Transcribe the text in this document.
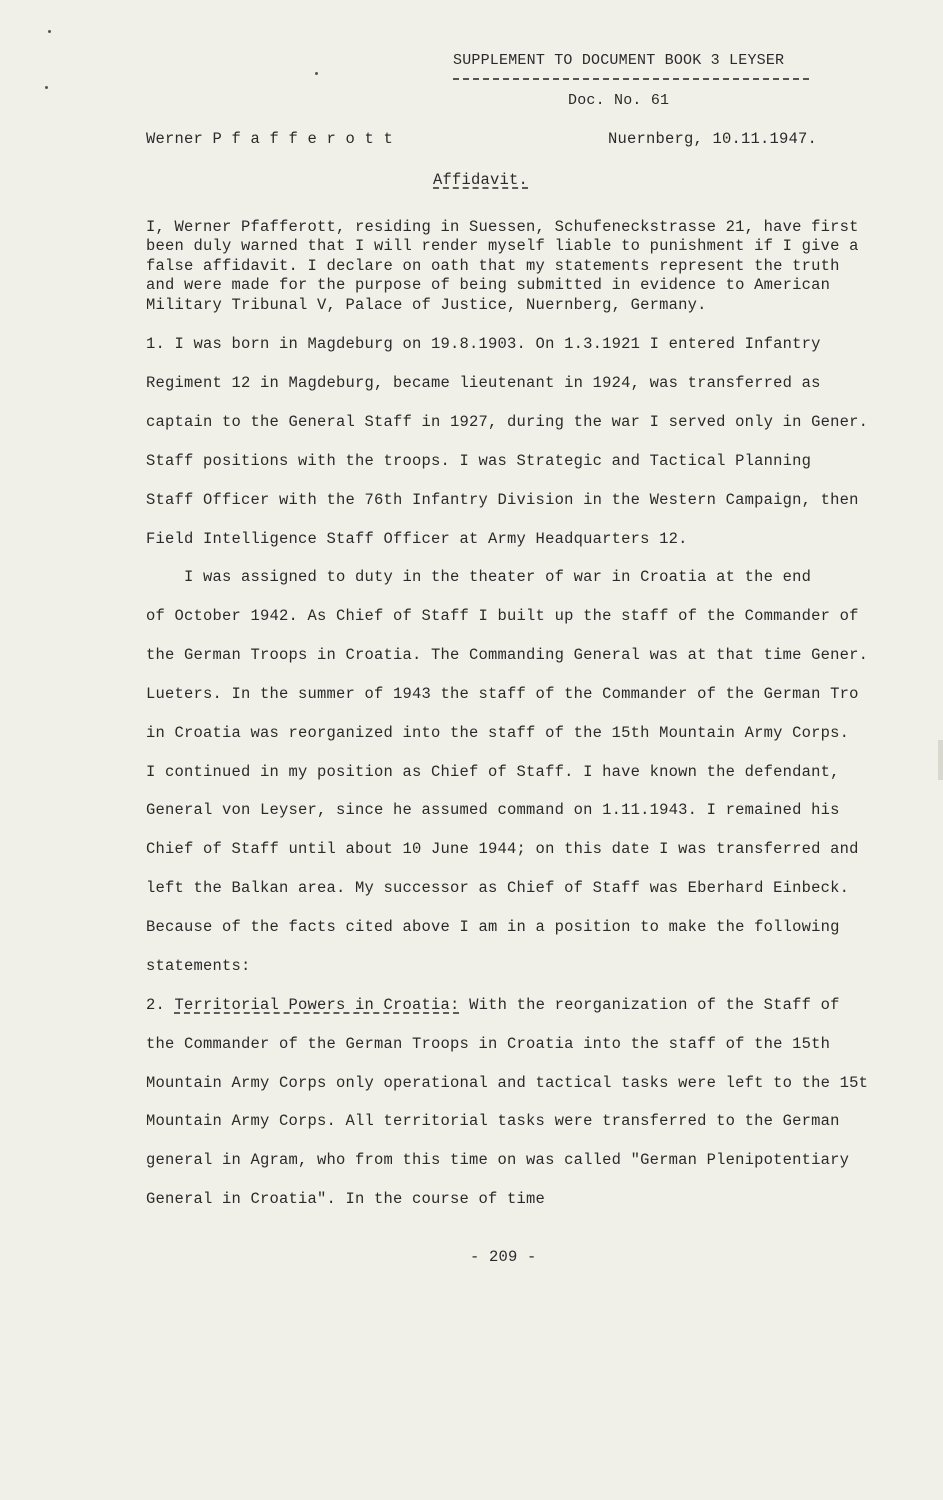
SUPPLEMENT TO DOCUMENT BOOK 3 LEYSER
Doc. No. 61
Werner P f a f f e r o t t	Nuernberg, 10.11.1947.
Affidavit.
I, Werner Pfafferott, residing in Suessen, Schufeneckstrasse 21, have first
been duly warned that I will render myself liable to punishment if I give a
false affidavit. I declare on oath that my statements represent the truth
and were made for the purpose of being submitted in evidence to American
Military Tribunal V, Palace of Justice, Nuernberg, Germany.
1. I was born in Magdeburg on 19.8.1903. On 1.3.1921 I entered Infantry
Regiment 12 in Magdeburg, became lieutenant in 1924, was transferred as
captain to the General Staff in 1927, during the war I served only in Gener.
Staff positions with the troops. I was Strategic and Tactical Planning
Staff Officer with the 76th Infantry Division in the Western Campaign, then
Field Intelligence Staff Officer at Army Headquarters 12.
I was assigned to duty in the theater of war in Croatia at the end
of October 1942. As Chief of Staff I built up the staff of the Commander of
the German Troops in Croatia. The Commanding General was at that time Gener.
Lueters. In the summer of 1943 the staff of the Commander of the German Tro
in Croatia was reorganized into the staff of the 15th Mountain Army Corps.
I continued in my position as Chief of Staff. I have known the defendant,
General von Leyser, since he assumed command on 1.11.1943. I remained his
Chief of Staff until about 10 June 1944; on this date I was transferred and
left the Balkan area. My successor as Chief of Staff was Eberhard Einbeck.
Because of the facts cited above I am in a position to make the following
statements:
2. Territorial Powers in Croatia: With the reorganization of the Staff of
the Commander of the German Troops in Croatia into the staff of the 15th
Mountain Army Corps only operational and tactical tasks were left to the 15t
Mountain Army Corps. All territorial tasks were transferred to the German
general in Agram, who from this time on was called "German Plenipotentiary
General in Croatia". In the course of time
- 209 -
